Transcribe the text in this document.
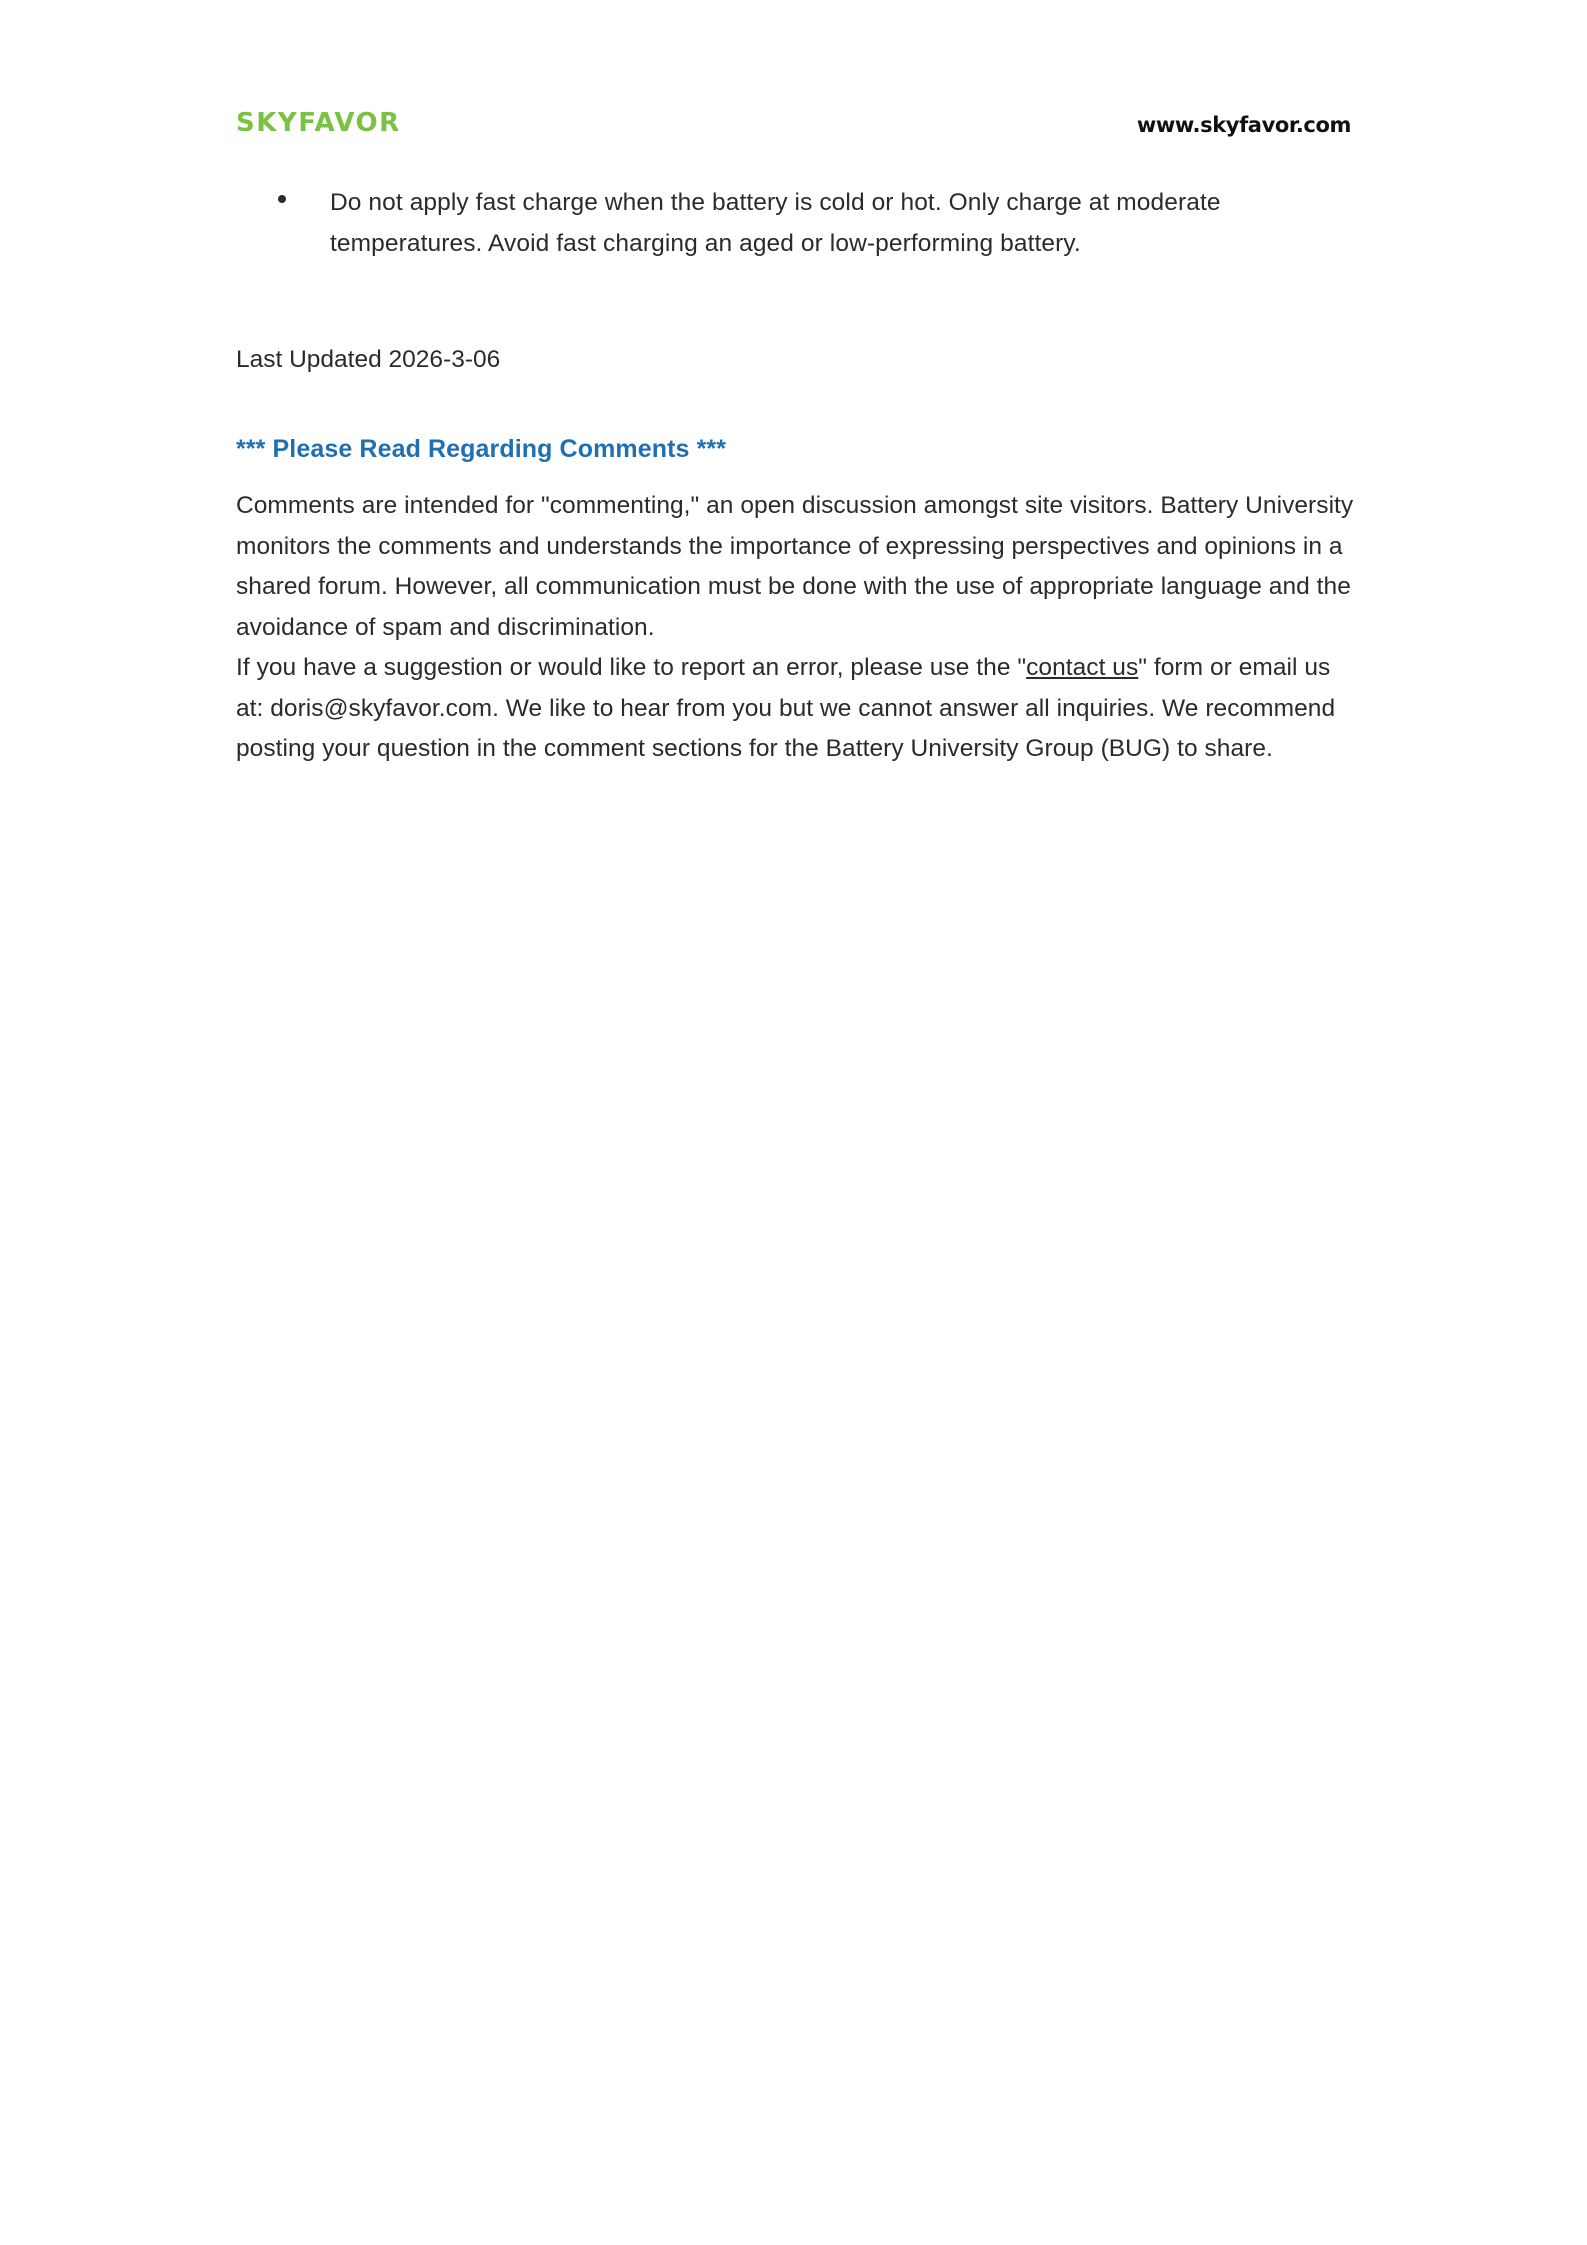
SKYFAVOR	www.skyfavor.com
Do not apply fast charge when the battery is cold or hot. Only charge at moderate temperatures. Avoid fast charging an aged or low-performing battery.
Last Updated 2026-3-06
*** Please Read Regarding Comments ***
Comments are intended for "commenting," an open discussion amongst site visitors. Battery University monitors the comments and understands the importance of expressing perspectives and opinions in a shared forum. However, all communication must be done with the use of appropriate language and the avoidance of spam and discrimination.
If you have a suggestion or would like to report an error, please use the "contact us" form or email us at: doris@skyfavor.com. We like to hear from you but we cannot answer all inquiries. We recommend posting your question in the comment sections for the Battery University Group (BUG) to share.
